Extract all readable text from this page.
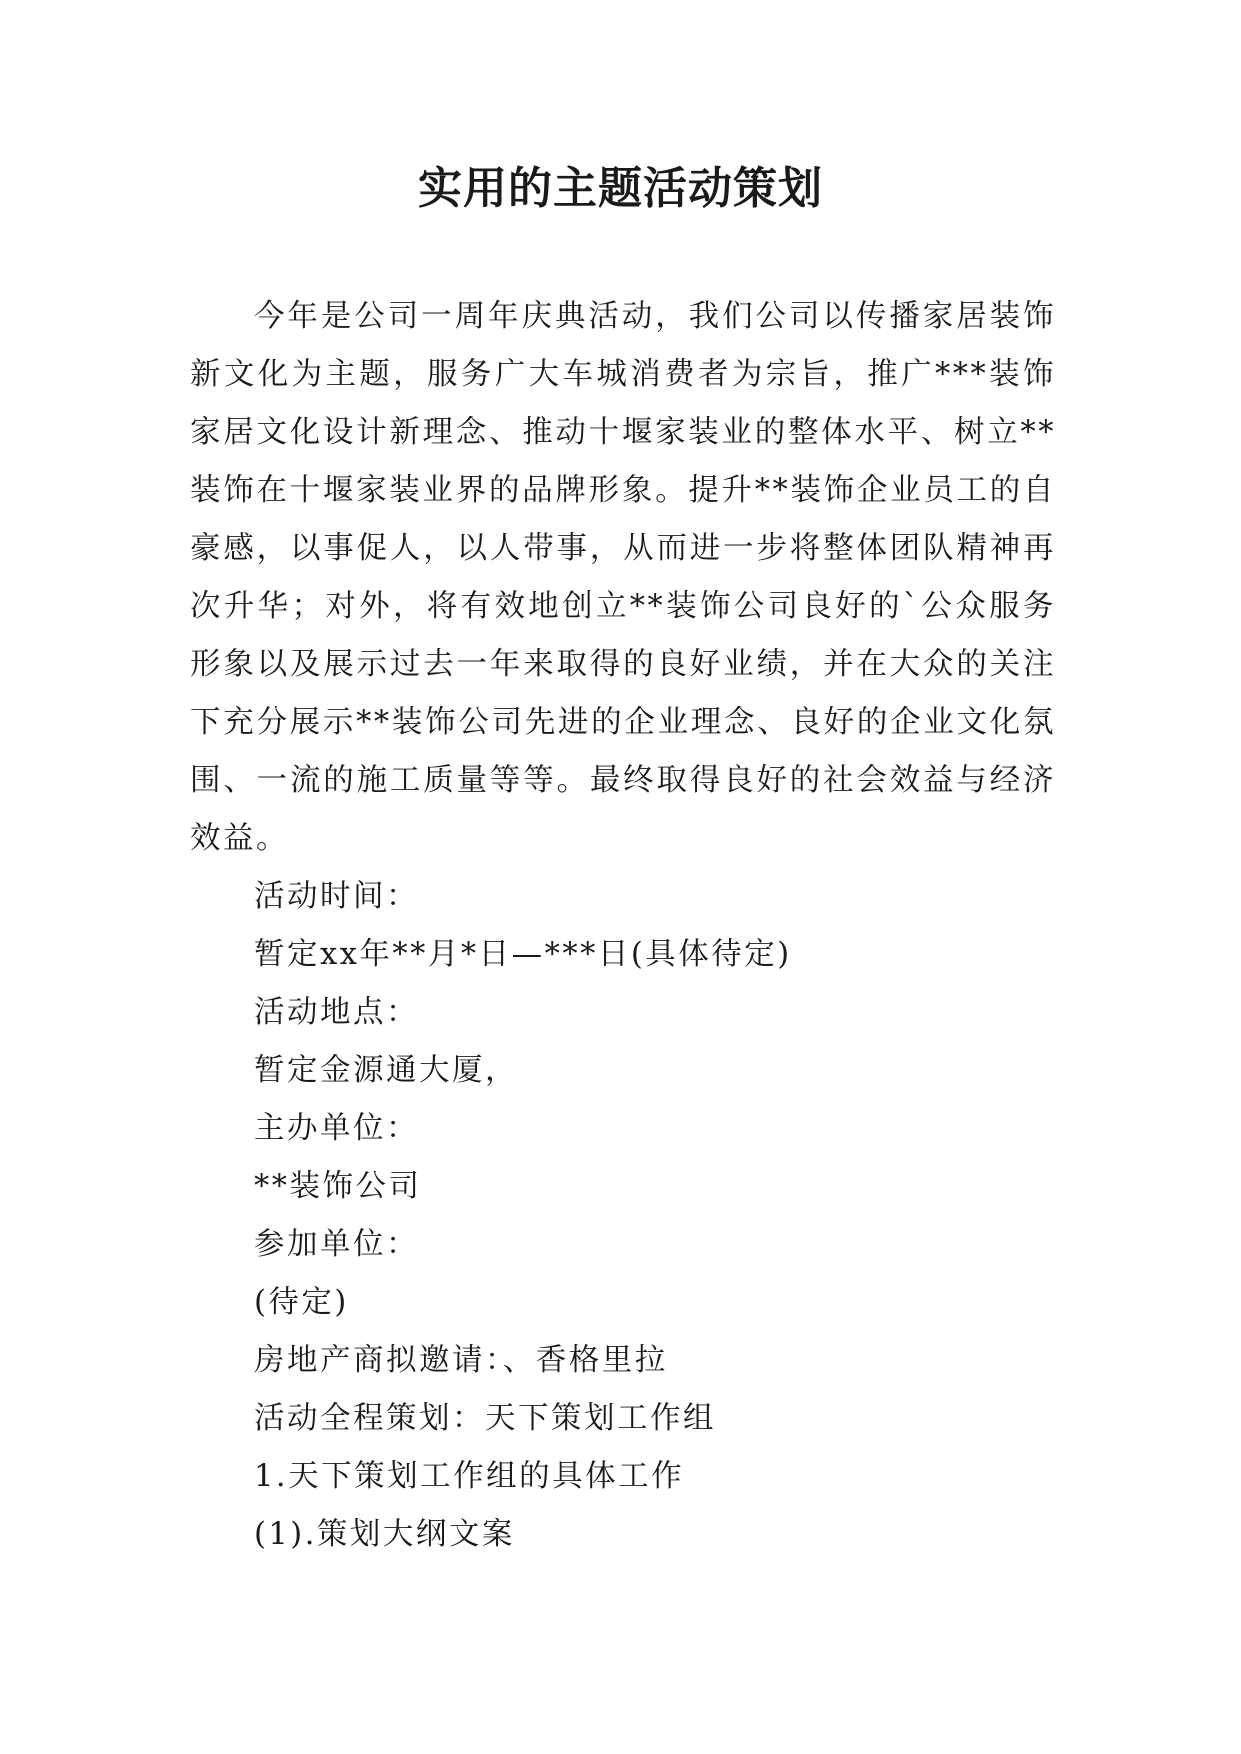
实用的主题活动策划

今年是公司一周年庆典活动，我们公司以传播家居装饰新文化为主题，服务广大车城消费者为宗旨，推广***装饰家居文化设计新理念、推动十堰家装业的整体水平、树立**装饰在十堰家装业界的品牌形象。提升**装饰企业员工的自豪感，以事促人，以人带事，从而进一步将整体团队精神再次升华；对外，将有效地创立**装饰公司良好的`公众服务形象以及展示过去一年来取得的良好业绩，并在大众的关注下充分展示**装饰公司先进的企业理念、良好的企业文化氛围、一流的施工质量等等。最终取得良好的社会效益与经济效益。

活动时间：

暂定xx年**月*日—***日(具体待定)

活动地点：

暂定金源通大厦，

主办单位：

**装饰公司

参加单位：

(待定)

房地产商拟邀请：、香格里拉

活动全程策划：天下策划工作组

1.天下策划工作组的具体工作

(1).策划大纲文案
